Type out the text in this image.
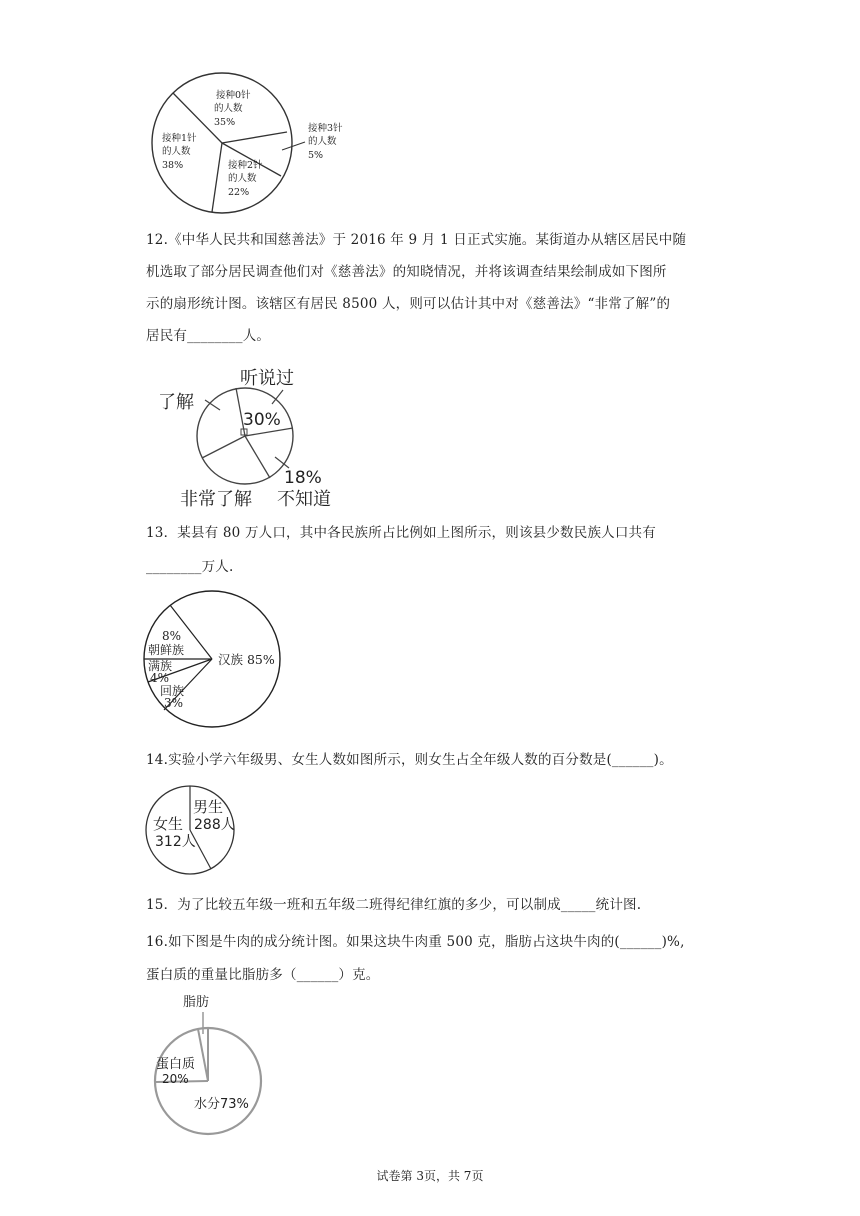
接种0针 的人数 35%
接种1针 的人数 38%	接种2针 的人数 22%
接种3针 的人数 5%
12.《中华人民共和国慈善法》于 2016 年 9 月 1 日正式实施。某街道办从辖区居民中随
机选取了部分居民调查他们对《慈善法》的知晓情况，并将该调查结果绘制成如下图所
示的扇形统计图。该辖区有居民 8500 人，则可以估计其中对《慈善法》“非常了解”的
居民有________人。
听说过
了解
30%
18%
非常了解 不知道
13．某县有 80 万人口，其中各民族所占比例如上图所示，则该县少数民族人口共有
________万人.
8%
朝鲜族
满族
4%
回族
3%
汉族 85%
14.实验小学六年级男、女生人数如图所示，则女生占全年级人数的百分数是(______)。
女生
312人
男生
288人
15．为了比较五年级一班和五年级二班得纪律红旗的多少，可以制成_____统计图.
16.如下图是牛肉的成分统计图。如果这块牛肉重 500 克，脂肪占这块牛肉的(______)%,
蛋白质的重量比脂肪多（______）克。
脂肪
蛋白质
20%
水分73%
试卷第 3页，共 7页
